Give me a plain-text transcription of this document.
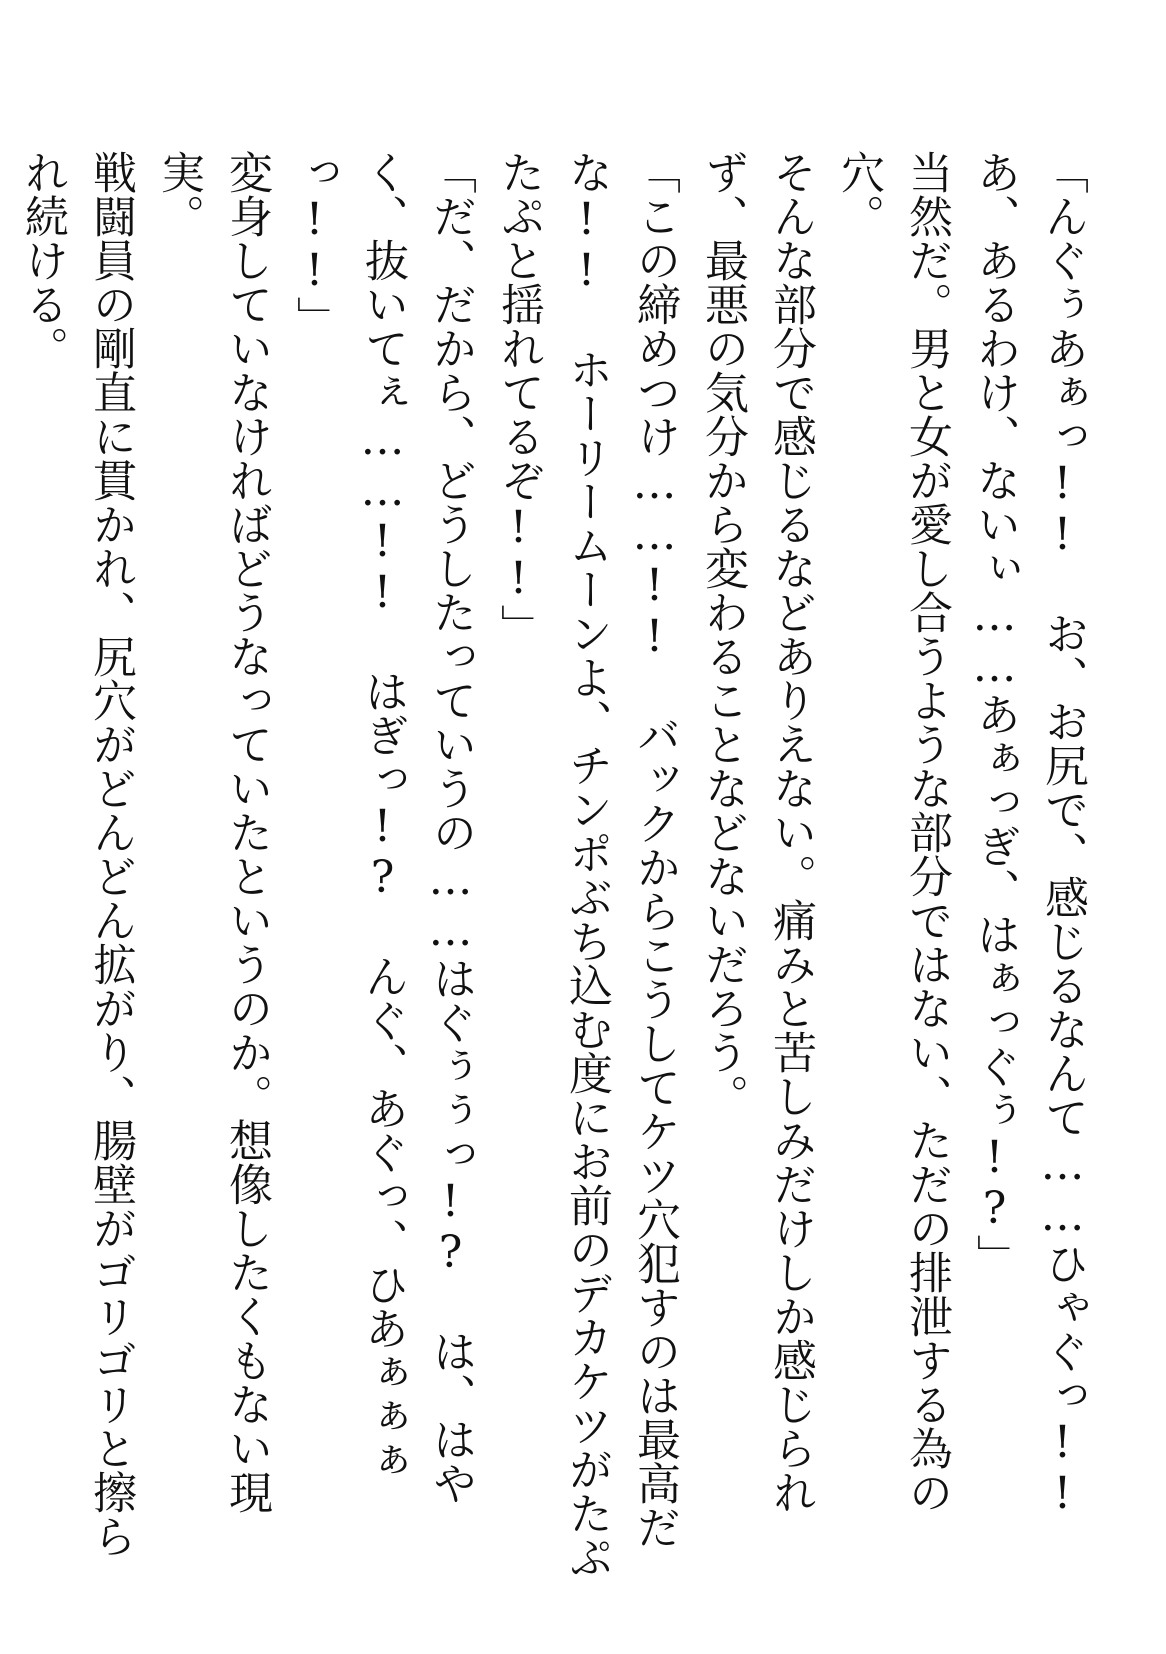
「んぐぅあぁっ!! お、お尻で、感じるなんて……ひゃぐっ!! あ、あるわけ、ないぃ……あぁっぎ、はぁっぐぅ!?」

当然だ。男と女が愛し合うような部分ではない、ただの排泄する為の穴。

そんな部分で感じるなどありえない。痛みと苦しみだけしか感じられず、最悪の気分から変わることなどないだろう。

「この締めつけ……!! バックからこうしてケツ穴犯すのは最高だな!! ホーリームーンよ、チンポぶち込む度にお前のデカケツがたぷたぷと揺れてるぞ!!」

「だ、だから、どうしたっていうの……はぐぅぅっ!? は、はやく、抜いてぇ……!! はぎっ!? んぐ、あぐっ、ひあぁぁぁっ!!」

変身していなければどうなっていたというのか。想像したくもない現実。

戦闘員の剛直に貫かれ、尻穴がどんどん拡がり、腸壁がゴリゴリと擦られ続ける。
